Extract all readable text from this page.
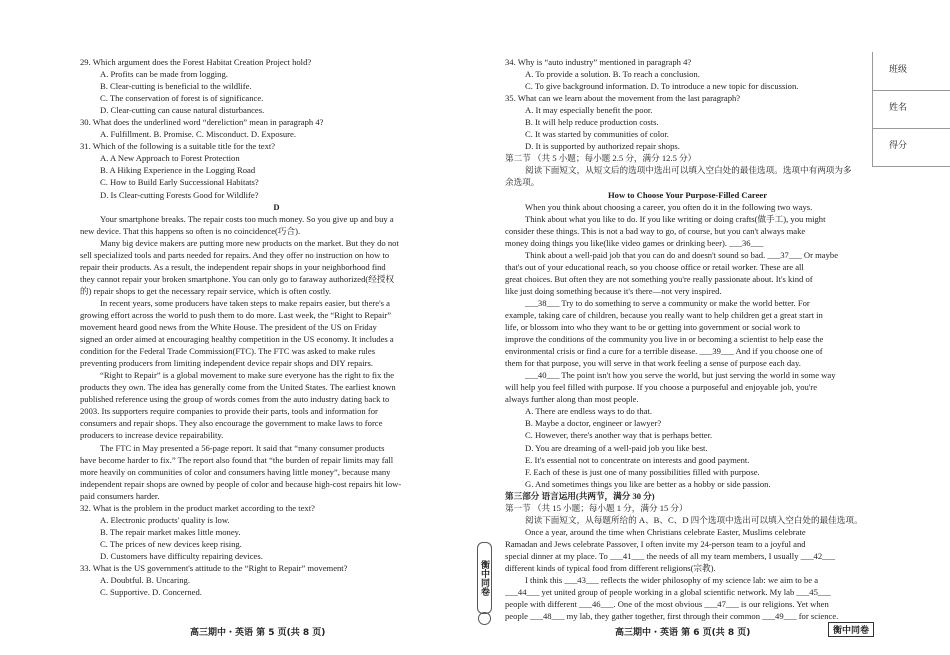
29. Which argument does the Forest Habitat Creation Project hold?
A. Profits can be made from logging.
B. Clear-cutting is beneficial to the wildlife.
C. The conservation of forest is of significance.
D. Clear-cutting can cause natural disturbances.
30. What does the underlined word “dereliction” mean in paragraph 4?
A. Fulfillment. B. Promise. C. Misconduct. D. Exposure.
31. Which of the following is a suitable title for the text?
A. A New Approach to Forest Protection
B. A Hiking Experience in the Logging Road
C. How to Build Early Successional Habitats?
D. Is Clear-cutting Forests Good for Wildlife?
D
Your smartphone breaks. The repair costs too much money. So you give up and buy a
new device. That this happens so often is no coincidence(巧合).
Many big device makers are putting more new products on the market. But they do not
sell specialized tools and parts needed for repairs. And they offer no instruction on how to
repair their products. As a result, the independent repair shops in your neighborhood find
they cannot repair your broken smartphone. You can only go to faraway authorized(经授权
的) repair shops to get the necessary repair service, which is often costly.
In recent years, some producers have taken steps to make repairs easier, but there's a
growing effort across the world to push them to do more. Last week, the “Right to Repair”
movement heard good news from the White House. The president of the US on Friday
signed an order aimed at encouraging healthy competition in the US economy. It includes a
condition for the Federal Trade Commission(FTC). The FTC was asked to make rules
preventing producers from limiting independent device repair shops and DIY repairs.
“Right to Repair” is a global movement to make sure everyone has the right to fix the
products they own. The idea has generally come from the United States. The earliest known
published reference using the group of words comes from the auto industry dating back to
2003. Its supporters require companies to provide their parts, tools and information for
consumers and repair shops. They also encourage the government to make laws to force
producers to increase device repairability.
The FTC in May presented a 56-page report. It said that “many consumer products
have become harder to fix.” The report also found that “the burden of repair limits may fall
more heavily on communities of color and consumers having little money”, because many
independent repair shops are owned by people of color and because high-cost repairs hit low-
paid consumers harder.
32. What is the problem in the product market according to the text?
A. Electronic products' quality is low.
B. The repair market makes little money.
C. The prices of new devices keep rising.
D. Customers have difficulty repairing devices.
33. What is the US government's attitude to the “Right to Repair” movement?
A. Doubtful. B. Uncaring.
C. Supportive. D. Concerned.
34. Why is “auto industry” mentioned in paragraph 4?
A. To provide a solution. B. To reach a conclusion.
C. To give background information. D. To introduce a new topic for discussion.
35. What can we learn about the movement from the last paragraph?
A. It may especially benefit the poor.
B. It will help reduce production costs.
C. It was started by communities of color.
D. It is supported by authorized repair shops.
第二节 （共 5 小题；每小题 2.5 分，满分 12.5 分）
阅读下面短文，从短文后的选项中选出可以填入空白处的最佳选项。选项中有两项为多
余选项。
How to Choose Your Purpose-Filled Career
When you think about choosing a career, you often do it in the following two ways.
Think about what you like to do. If you like writing or doing crafts(做手工), you might
consider these things. This is not a bad way to go, of course, but you can't always make
money doing things you like(like video games or drinking beer). ___36___
Think about a well-paid job that you can do and doesn't sound so bad. ___37___ Or maybe
that's out of your educational reach, so you choose office or retail worker. These are all
great choices. But often they are not something you're really passionate about. It's kind of
like just doing something because it's there—not very inspired.
___38___ Try to do something to serve a community or make the world better. For
example, taking care of children, because you really want to help children get a great start in
life, or blossom into who they want to be or getting into government or social work to
improve the conditions of the community you live in or becoming a scientist to help ease the
environmental crisis or find a cure for a terrible disease. ___39___ And if you choose one of
them for that purpose, you will serve in that work feeling a sense of purpose each day.
___40___ The point isn't how you serve the world, but just serving the world in some way
will help you feel filled with purpose. If you choose a purposeful and enjoyable job, you're
always further along than most people.
A. There are endless ways to do that.
B. Maybe a doctor, engineer or lawyer?
C. However, there's another way that is perhaps better.
D. You are dreaming of a well-paid job you like best.
E. It's essential not to concentrate on interests and good payment.
F. Each of these is just one of many possibilities filled with purpose.
G. And sometimes things you like are better as a hobby or side passion.
第三部分 语言运用(共两节，满分 30 分)
第一节 （共 15 小题；每小题 1 分，满分 15 分）
阅读下面短文，从每题所给的 A、B、C、D 四个选项中选出可以填入空白处的最佳选项。
Once a year, around the time when Christians celebrate Easter, Muslims celebrate
Ramadan and Jews celebrate Passover, I often invite my 24-person team to a joyful and
special dinner at my place. To ___41___ the needs of all my team members, I usually ___42___
different kinds of typical food from different religions(宗教).
I think this ___43___ reflects the wider philosophy of my science lab: we aim to be a
___44___ yet united group of people working in a global scientific network. My lab ___45___
people with different ___46___. One of the most obvious ___47___ is our religions. Yet when
people ___48___ my lab, they gather together, first through their common ___49___ for science.
高三期中・英语 第 5 页(共 8 页)	高三期中・英语 第 6 页(共 8 页)
衡中同卷
衡中同卷
班级
姓名
得分
